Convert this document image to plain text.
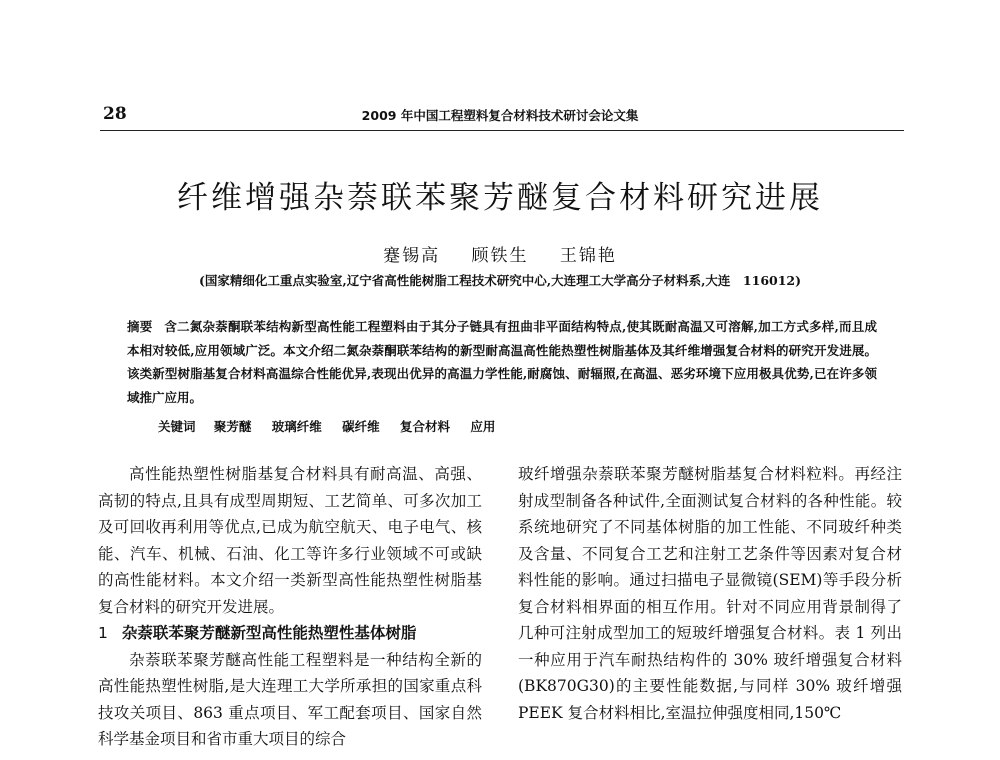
28	2009 年中国工程塑料复合材料技术研讨会论文集
纤维增强杂萘联苯聚芳醚复合材料研究进展
蹇锡高 顾铁生 王锦艳
(国家精细化工重点实验室,辽宁省高性能树脂工程技术研究中心,大连理工大学高分子材料系,大连　116012)
摘要 含二氮杂萘酮联苯结构新型高性能工程塑料由于其分子链具有扭曲非平面结构特点,使其既耐高温又可溶解,加工方式多样,而且成本相对较低,应用领域广泛。本文介绍二氮杂萘酮联苯结构的新型耐高温高性能热塑性树脂基体及其纤维增强复合材料的研究开发进展。该类新型树脂基复合材料高温综合性能优异,表现出优异的高温力学性能,耐腐蚀、耐辐照,在高温、恶劣环境下应用极具优势,已在许多领域推广应用。
关键词 聚芳醚 玻璃纤维 碳纤维 复合材料 应用

高性能热塑性树脂基复合材料具有耐高温、高强、高韧的特点,且具有成型周期短、工艺简单、可多次加工及可回收再利用等优点,已成为航空航天、电子电气、核能、汽车、机械、石油、化工等许多行业领域不可或缺的高性能材料。本文介绍一类新型高性能热塑性树脂基复合材料的研究开发进展。

1 杂萘联苯聚芳醚新型高性能热塑性基体树脂

杂萘联苯聚芳醚高性能工程塑料是一种结构全新的高性能热塑性树脂,是大连理工大学所承担的国家重点科技攻关项目、863 重点项目、军工配套项目、国家自然科学基金项目和省市重大项目的综合

玻纤增强杂萘联苯聚芳醚树脂基复合材料粒料。再经注射成型制备各种试件,全面测试复合材料的各种性能。较系统地研究了不同基体树脂的加工性能、不同玻纤种类及含量、不同复合工艺和注射工艺条件等因素对复合材料性能的影响。通过扫描电子显微镜(SEM)等手段分析复合材料相界面的相互作用。针对不同应用背景制得了几种可注射成型加工的短玻纤增强复合材料。表 1 列出一种应用于汽车耐热结构件的 30% 玻纤增强复合材料(BK870G30)的主要性能数据,与同样 30% 玻纤增强 PEEK 复合材料相比,室温拉伸强度相同,150℃
